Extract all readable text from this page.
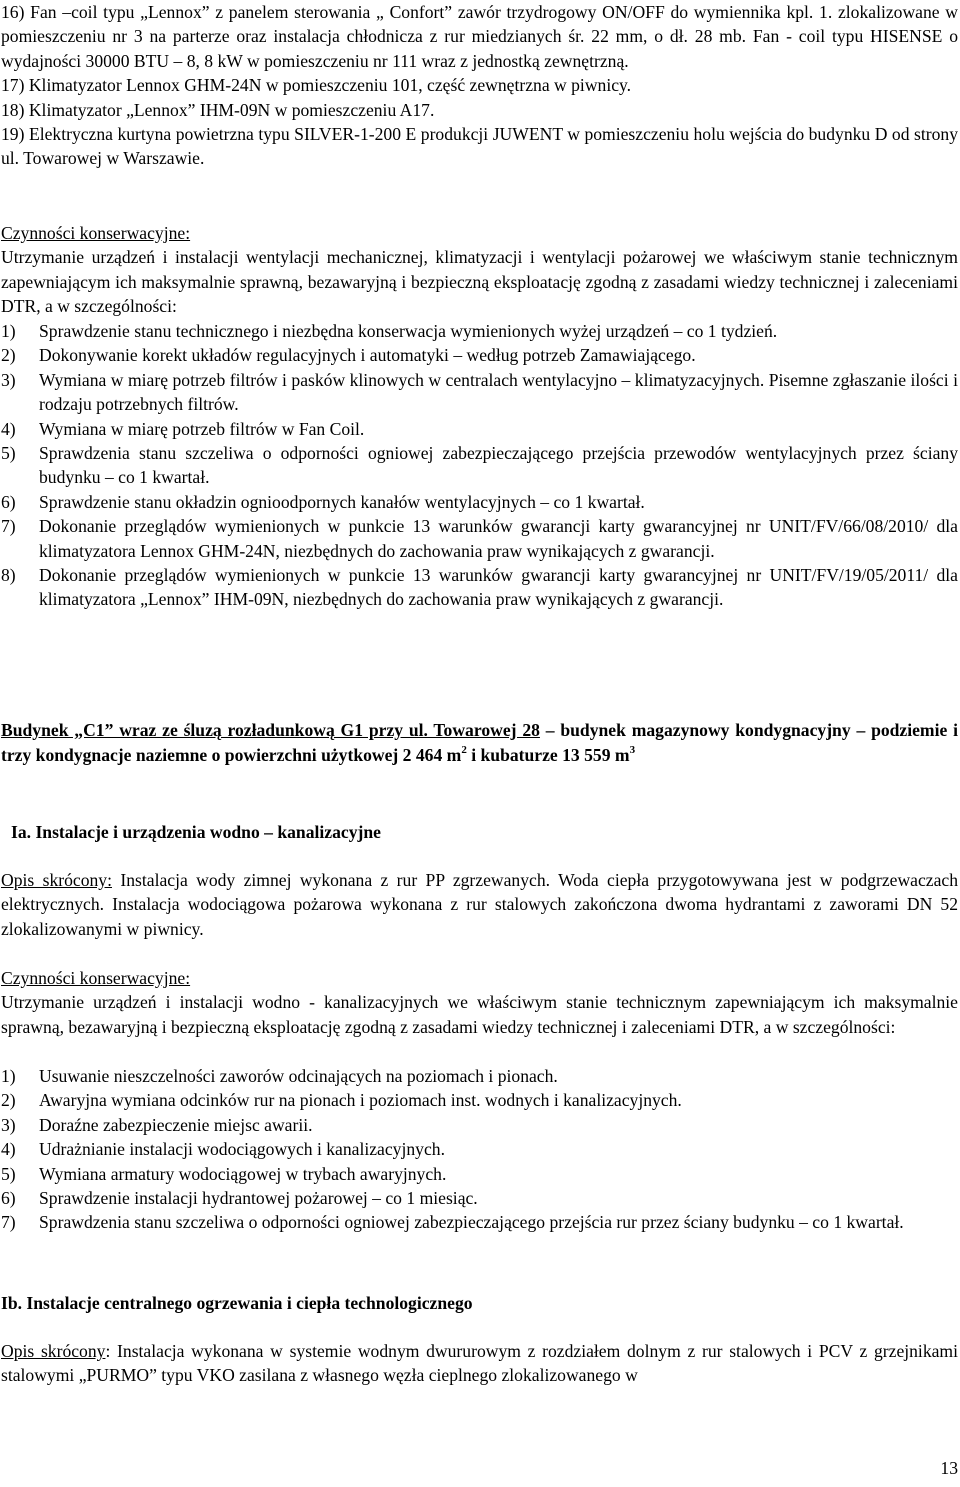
16) Fan –coil typu „Lennox” z panelem sterowania „ Confort” zawór trzydrogowy ON/OFF do wymiennika kpl. 1. zlokalizowane w pomieszczeniu nr 3 na parterze oraz instalacja chłodnicza z rur miedzianych śr. 22 mm, o dł. 28 mb. Fan - coil typu HISENSE o wydajności 30000 BTU – 8, 8 kW w pomieszczeniu nr 111 wraz z jednostką zewnętrzną.

17) Klimatyzator Lennox GHM-24N w pomieszczeniu 101, część zewnętrzna w piwnicy.

18) Klimatyzator „Lennox” IHM-09N w pomieszczeniu A17.

19) Elektryczna kurtyna powietrzna typu SILVER-1-200 E produkcji JUWENT w pomieszczeniu holu wejścia do budynku D od strony ul. Towarowej w Warszawie.

Czynności konserwacyjne:

Utrzymanie urządzeń i instalacji wentylacji mechanicznej, klimatyzacji i wentylacji pożarowej we właściwym stanie technicznym zapewniającym ich maksymalnie sprawną, bezawaryjną i bezpieczną eksploatację zgodną z zasadami wiedzy technicznej i zaleceniami DTR, a w szczególności:

1) Sprawdzenie stanu technicznego i niezbędna konserwacja wymienionych wyżej urządzeń – co 1 tydzień.
2) Dokonywanie korekt układów regulacyjnych i automatyki – według potrzeb Zamawiającego.
3) Wymiana w miarę potrzeb filtrów i pasków klinowych w centralach wentylacyjno – klimatyzacyjnych. Pisemne zgłaszanie ilości i rodzaju potrzebnych filtrów.
4) Wymiana w miarę potrzeb filtrów w Fan Coil.
5) Sprawdzenia stanu szczeliwa o odporności ogniowej zabezpieczającego przejścia przewodów wentylacyjnych przez ściany budynku – co 1 kwartał.
6) Sprawdzenie stanu okładzin ognioodpornych kanałów wentylacyjnych – co 1 kwartał.
7) Dokonanie przeglądów wymienionych w punkcie 13 warunków gwarancji karty gwarancyjnej nr UNIT/FV/66/08/2010/ dla klimatyzatora Lennox GHM-24N, niezbędnych do zachowania praw wynikających z gwarancji.
8) Dokonanie przeglądów wymienionych w punkcie 13 warunków gwarancji karty gwarancyjnej nr UNIT/FV/19/05/2011/ dla klimatyzatora „Lennox” IHM-09N, niezbędnych do zachowania praw wynikających z gwarancji.
Budynek „C1” wraz ze śluzą rozładunkową G1 przy ul. Towarowej 28 – budynek magazynowy kondygnacyjny – podziemie i trzy kondygnacje naziemne o powierzchni użytkowej 2 464 $m^2$ i kubaturze 13 559 $m^3$
Ia. Instalacje i urządzenia wodno – kanalizacyjne

Opis skrócony: Instalacja wody zimnej wykonana z rur PP zgrzewanych. Woda ciepła przygotowywana jest w podgrzewaczach elektrycznych. Instalacja wodociągowa pożarowa wykonana z rur stalowych zakończona dwoma hydrantami z zaworami DN 52 zlokalizowanymi w piwnicy.

Czynności konserwacyjne:

Utrzymanie urządzeń i instalacji wodno - kanalizacyjnych we właściwym stanie technicznym zapewniającym ich maksymalnie sprawną, bezawaryjną i bezpieczną eksploatację zgodną z zasadami wiedzy technicznej i zaleceniami DTR, a w szczególności:

1) Usuwanie nieszczelności zaworów odcinających na poziomach i pionach.
2) Awaryjna wymiana odcinków rur na pionach i poziomach inst. wodnych i kanalizacyjnych.
3) Doraźne zabezpieczenie miejsc awarii.
4) Udrażnianie instalacji wodociągowych i kanalizacyjnych.
5) Wymiana armatury wodociągowej w trybach awaryjnych.
6) Sprawdzenie instalacji hydrantowej pożarowej – co 1 miesiąc.
7) Sprawdzenia stanu szczeliwa o odporności ogniowej zabezpieczającego przejścia rur przez ściany budynku – co 1 kwartał.
Ib. Instalacje centralnego ogrzewania i ciepła technologicznego

Opis skrócony: Instalacja wykonana w systemie wodnym dwururowym z rozdziałem dolnym z rur stalowych i PCV z grzejnikami stalowymi „PURMO” typu VKO zasilana z własnego węzła cieplnego zlokalizowanego w

13
